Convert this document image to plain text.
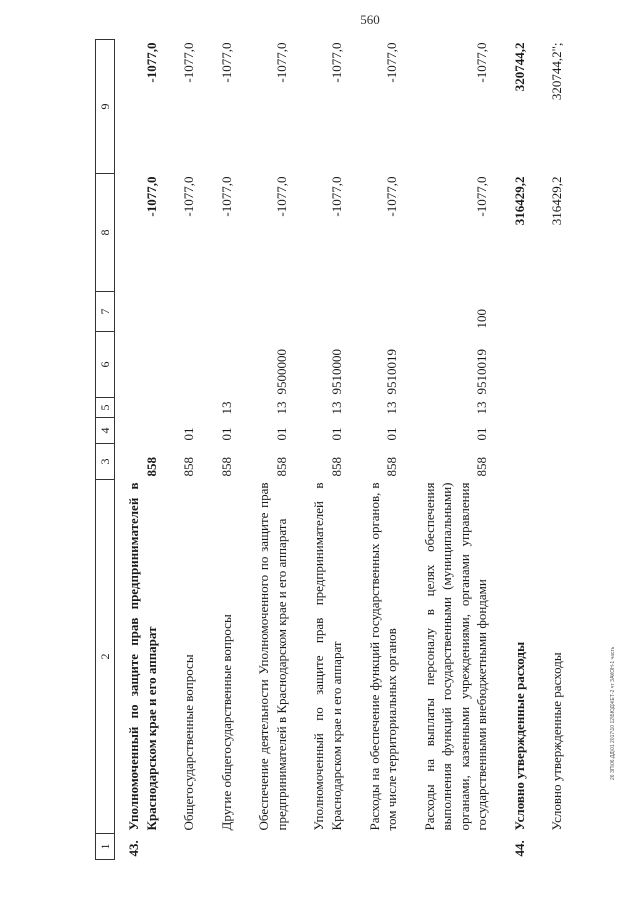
560
26 ЗП\06.ДД\01 2017\10 12\БЮДЖЕТ-2 чт ЗАКОН-1 часть
1	2	3	4	5	6	7	8	9
43.	Уполномоченный по защите прав предпринимателей в Краснодарском крае и его аппарат	858					-1077,0	-1077,0
	Общегосударственные вопросы	858	01				-1077,0	-1077,0
	Другие общегосударственные вопросы	858	01	13			-1077,0	-1077,0
	Обеспечение деятельности Уполномоченного по защите прав предпринимателей в Краснодарском крае и его аппарата	858	01	13	9500000		-1077,0	-1077,0
	Уполномоченный по защите прав предпринимателей в Краснодарском крае и его аппарат	858	01	13	9510000		-1077,0	-1077,0
	Расходы на обеспечение функций государственных органов, в том числе территориальных органов	858	01	13	9510019		-1077,0	-1077,0
	Расходы на выплаты персоналу в целях обеспечения выполнения функций государственными (муниципальными) органами, казенными учреждениями, органами управления государственными внебюджетными фондами	858	01	13	9510019	100	-1077,0	-1077,0
44.	Условно утвержденные расходы						316429,2	320744,2
	Условно утвержденные расходы						316429,2	320744,2";
